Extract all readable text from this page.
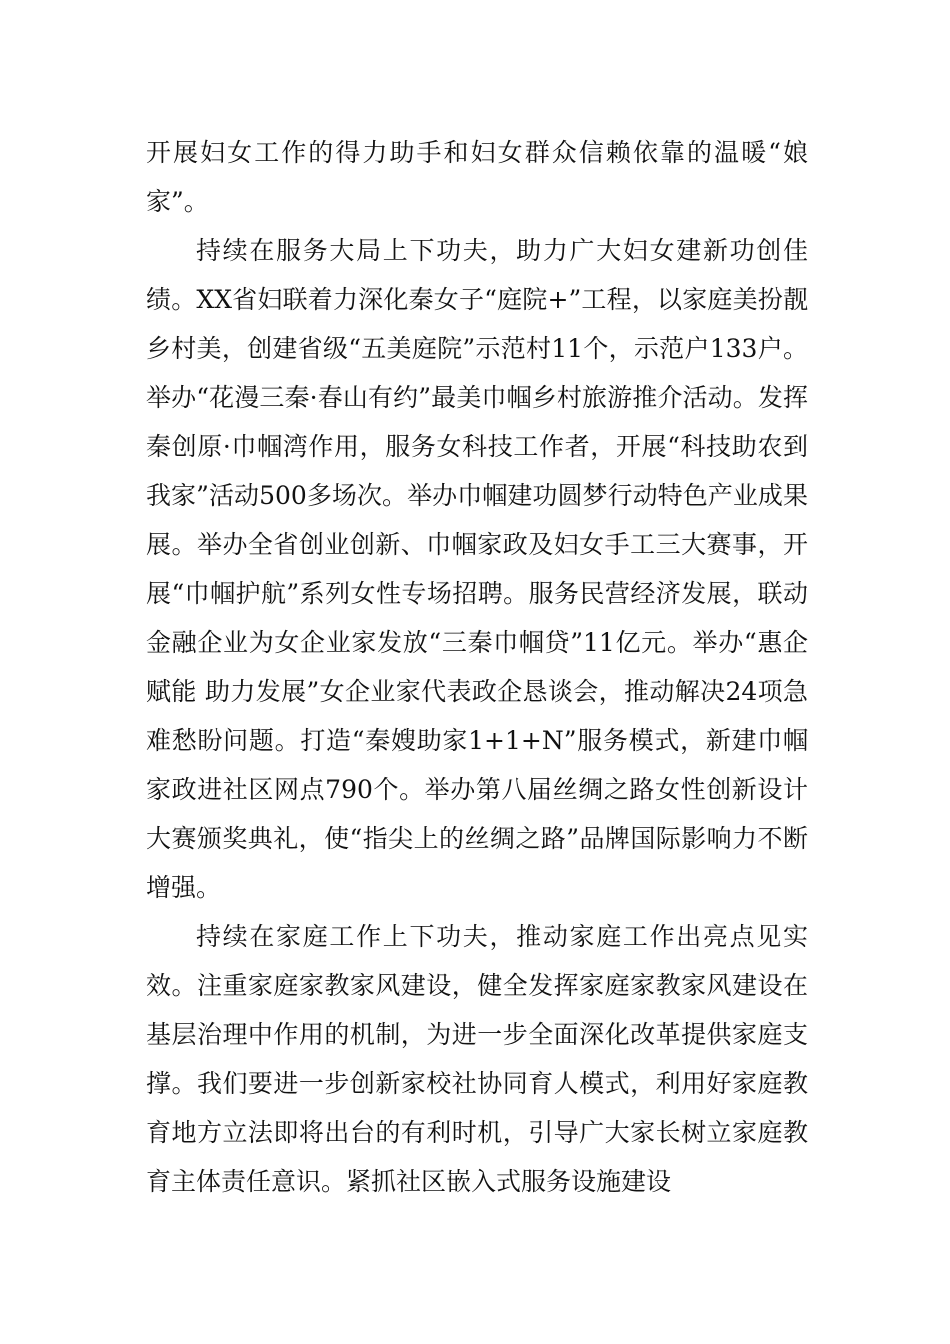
开展妇女工作的得力助手和妇女群众信赖依靠的温暖“娘家”。

持续在服务大局上下功夫，助力广大妇女建新功创佳绩。XX省妇联着力深化秦女子“庭院+”工程，以家庭美扮靓乡村美，创建省级“五美庭院”示范村11个，示范户133户。举办“花漫三秦·春山有约”最美巾帼乡村旅游推介活动。发挥秦创原·巾帼湾作用，服务女科技工作者，开展“科技助农到我家”活动500多场次。举办巾帼建功圆梦行动特色产业成果展。举办全省创业创新、巾帼家政及妇女手工三大赛事，开展“巾帼护航”系列女性专场招聘。服务民营经济发展，联动金融企业为女企业家发放“三秦巾帼贷”11亿元。举办“惠企赋能 助力发展”女企业家代表政企恳谈会，推动解决24项急难愁盼问题。打造“秦嫂助家1+1+N”服务模式，新建巾帼家政进社区网点790个。举办第八届丝绸之路女性创新设计大赛颁奖典礼，使“指尖上的丝绸之路”品牌国际影响力不断增强。

持续在家庭工作上下功夫，推动家庭工作出亮点见实效。注重家庭家教家风建设，健全发挥家庭家教家风建设在基层治理中作用的机制，为进一步全面深化改革提供家庭支撑。我们要进一步创新家校社协同育人模式，利用好家庭教育地方立法即将出台的有利时机，引导广大家长树立家庭教育主体责任意识。紧抓社区嵌入式服务设施建设
